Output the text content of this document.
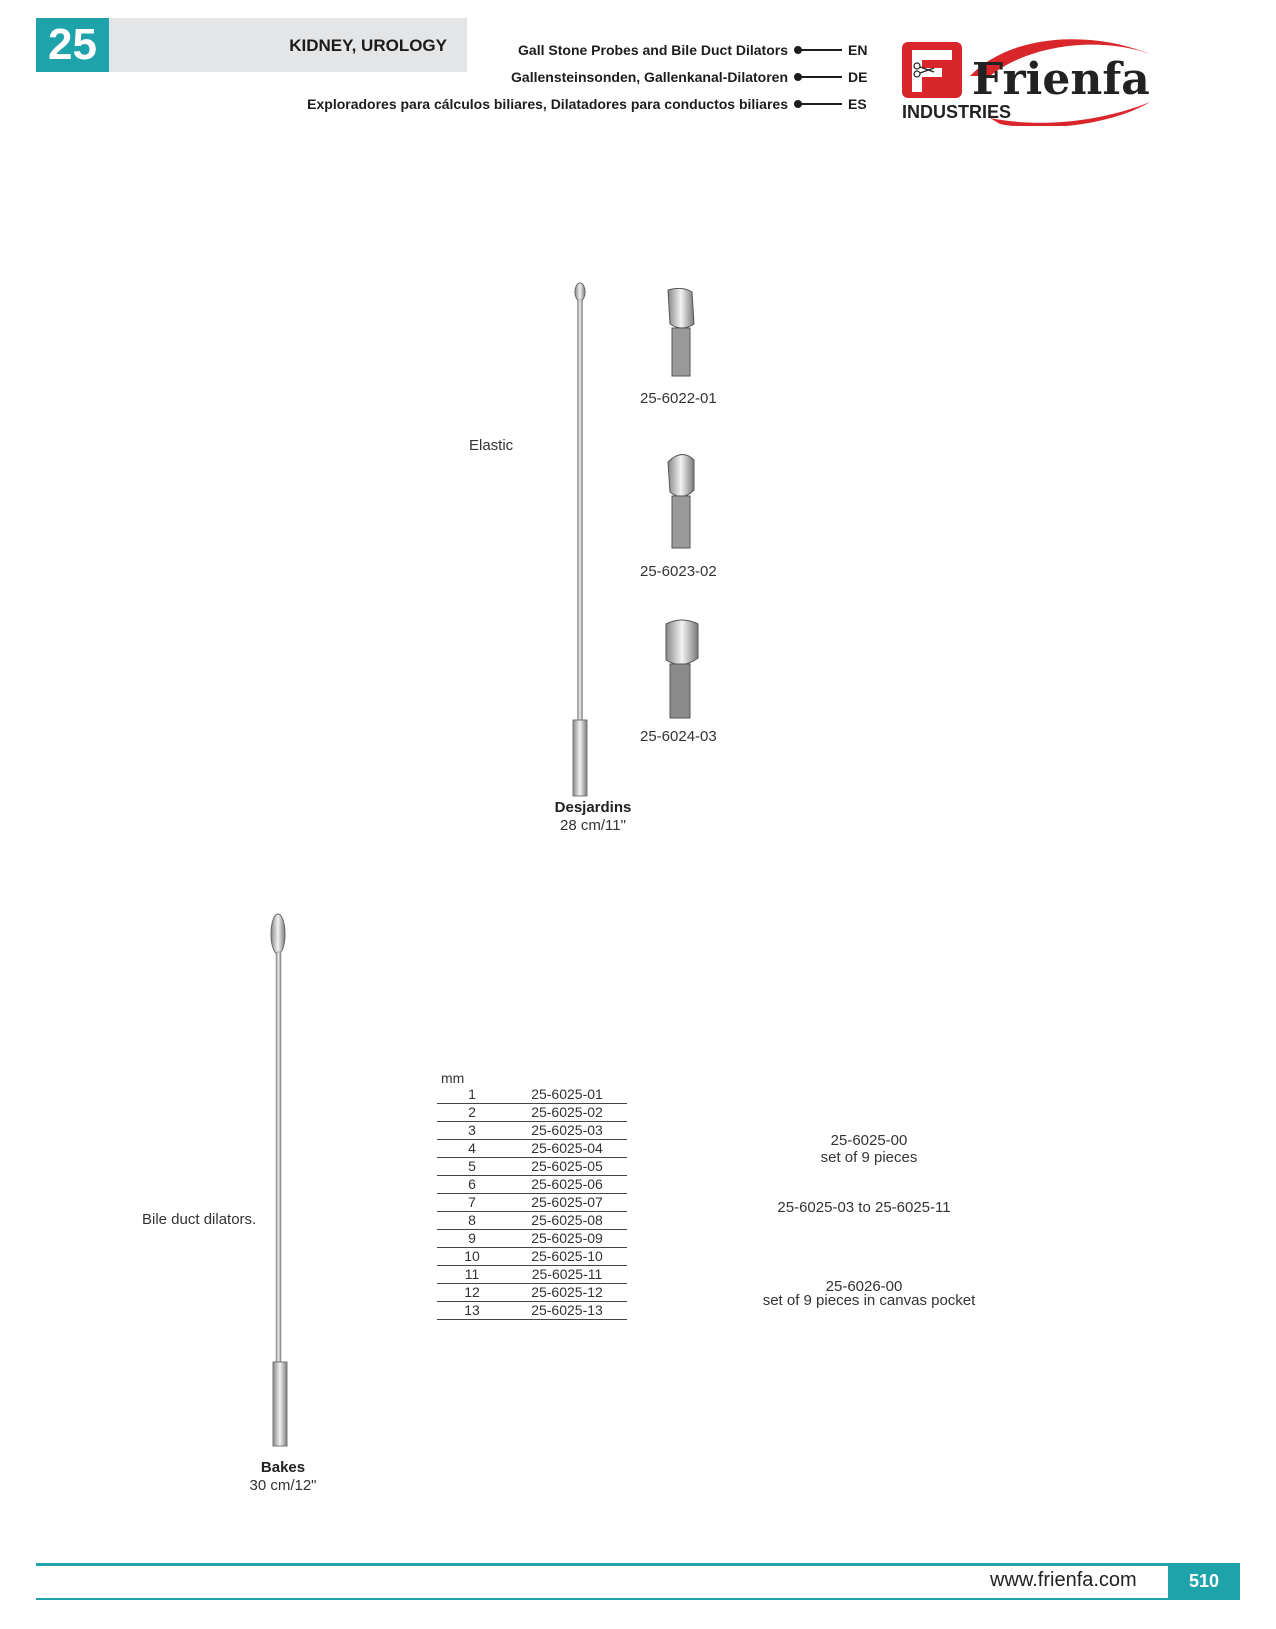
25	KIDNEY, UROLOGY	Gall Stone Probes and Bile Duct Dilators	EN
Gallensteinsonden, Gallenkanal-Dilatoren	DE
Exploradores para cálculos biliares, Dilatadores para conductos biliares	ES Frienfa
INDUSTRIES
Elastic
25-6022-01
25-6023-02
25-6024-03
Desjardins
28 cm/11"
Bile duct dilators.
Bakes
30 cm/12"
mm
1	25-6025-01
2	25-6025-02
3	25-6025-03
4	25-6025-04
5	25-6025-05
6	25-6025-06
7	25-6025-07
8	25-6025-08
9	25-6025-09
10	25-6025-10
11	25-6025-11
12	25-6025-12
13	25-6025-13
25-6025-00
set of 9 pieces
25-6025-03 to 25-6025-11
25-6026-00
set of 9 pieces in canvas pocket
www.frienfa.com	510
